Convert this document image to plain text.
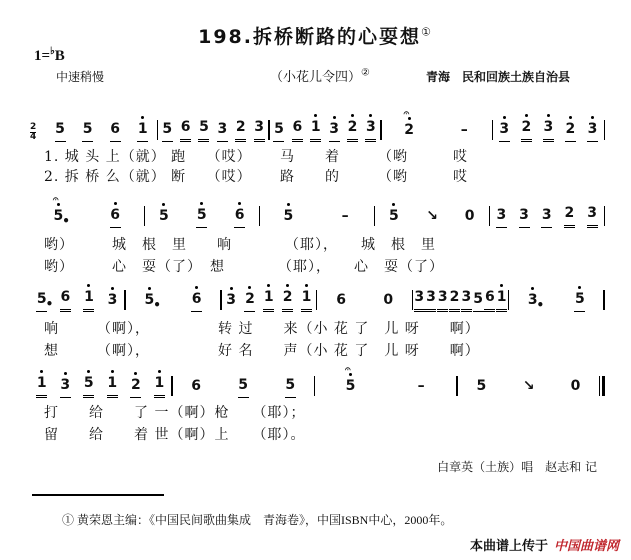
198.拆桥断路的心耍想①
1=♭B
中速稍慢	（小花儿令四）②	青海　民和回族土族自治县
2
4 5 5 6 1 5 6 5 3 2 3 5 6 1 3 2 3 2
𝄐
– 3 2 3 2 3
1. 城 头 上（就） 跑　 （哎）　　 马　　着　　　（哟　　　哎
2. 拆 桥 么（就） 断　 （哎）　　 路　　的　　　（哟　　　哎
5
𝄐
•	6	5 5 6	5	–	5 ↘ 0 3 3 3 2 3
哟）　　　城　根　里　　响　　　　（耶），　　城　根　里
哟）　　　心　耍（了）　想　　　　（耶），　　心　耍（了）
5
• 6 1 3 5
• 6 3 2 1 2 1 6	0 3 3 3 2 3 5 6 1 3
• 5
响　　　（啊），　　　　　转 过　　来（小 花 了　儿 呀　　啊）
想　　　（啊），　　　　　好 名　　声（小 花 了　儿 呀　　啊）
1 3 5 1 2 1 6	5	5	5
𝄐
–	5	↘	0
打　　给　　了 一（啊）枪　　（耶）；
留　　给　　着 世（啊）上　　（耶）。
白章英（土族）唱　赵志和 记
① 黄荣恩主编：《中国民间歌曲集成　青海卷》，中国ISBN中心，2000年。
本曲谱上传于 中国曲谱网
